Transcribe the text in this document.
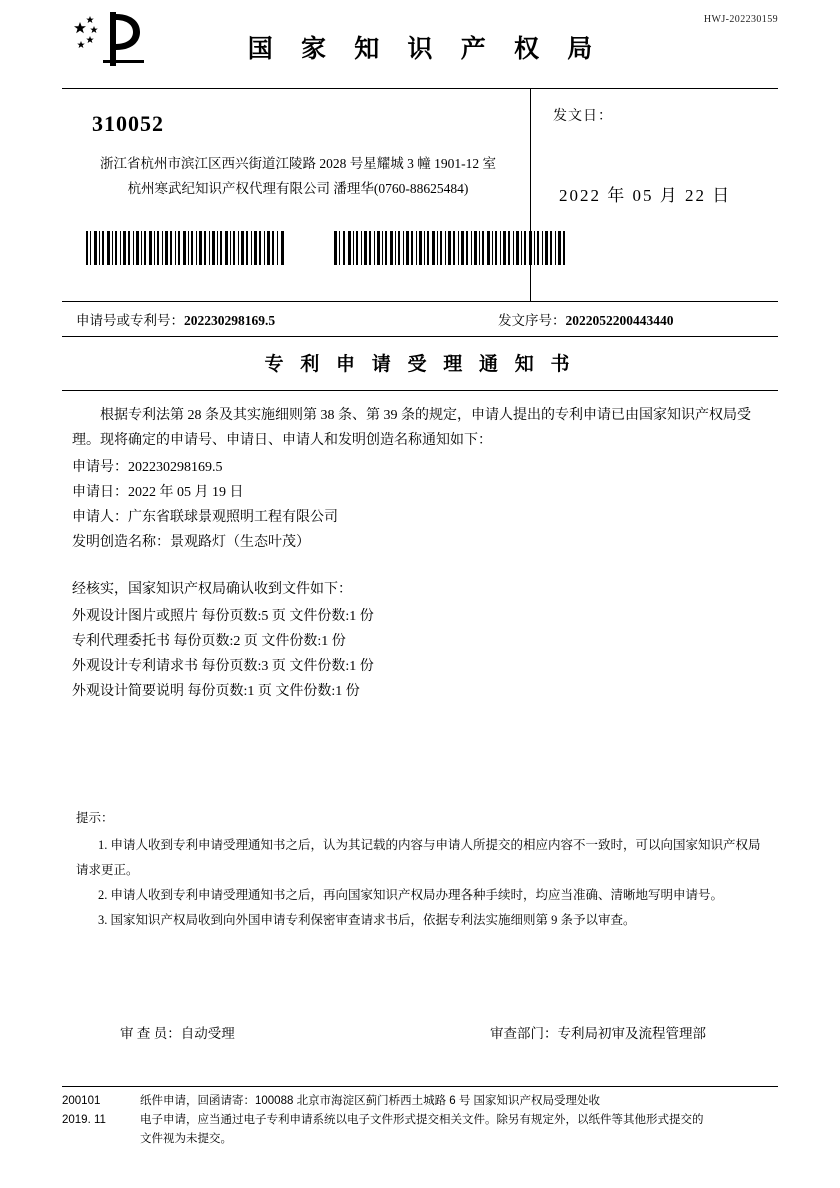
HWJ-202230159
国 家 知 识 产 权 局
310052
浙江省杭州市滨江区西兴街道江陵路 2028 号星耀城 3 幢 1901-12 室
杭州寒武纪知识产权代理有限公司 潘理华(0760-88625484)
发文日：
2022 年 05 月 22 日
申请号或专利号：202230298169.5	发文序号：2022052200443440
专 利 申 请 受 理 通 知 书
根据专利法第 28 条及其实施细则第 38 条、第 39 条的规定，申请人提出的专利申请已由国家知识产权局受理。现将确定的申请号、申请日、申请人和发明创造名称通知如下：
申请号：202230298169.5
申请日：2022 年 05 月 19 日
申请人：广东省联球景观照明工程有限公司
发明创造名称：景观路灯（生态叶茂）
经核实，国家知识产权局确认收到文件如下：
外观设计图片或照片 每份页数:5 页 文件份数:1 份
专利代理委托书 每份页数:2 页 文件份数:1 份
外观设计专利请求书 每份页数:3 页 文件份数:1 份
外观设计简要说明 每份页数:1 页 文件份数:1 份
提示：
1. 申请人收到专利申请受理通知书之后，认为其记载的内容与申请人所提交的相应内容不一致时，可以向国家知识产权局
请求更正。
2. 申请人收到专利申请受理通知书之后，再向国家知识产权局办理各种手续时，均应当准确、清晰地写明申请号。
3. 国家知识产权局收到向外国申请专利保密审查请求书后，依据专利法实施细则第 9 条予以审查。
审 查 员：自动受理	审查部门：专利局初审及流程管理部
200101
2019. 11
纸件申请，回函请寄：100088 北京市海淀区蓟门桥西土城路 6 号 国家知识产权局受理处收
电子申请，应当通过电子专利申请系统以电子文件形式提交相关文件。除另有规定外，以纸件等其他形式提交的
文件视为未提交。
